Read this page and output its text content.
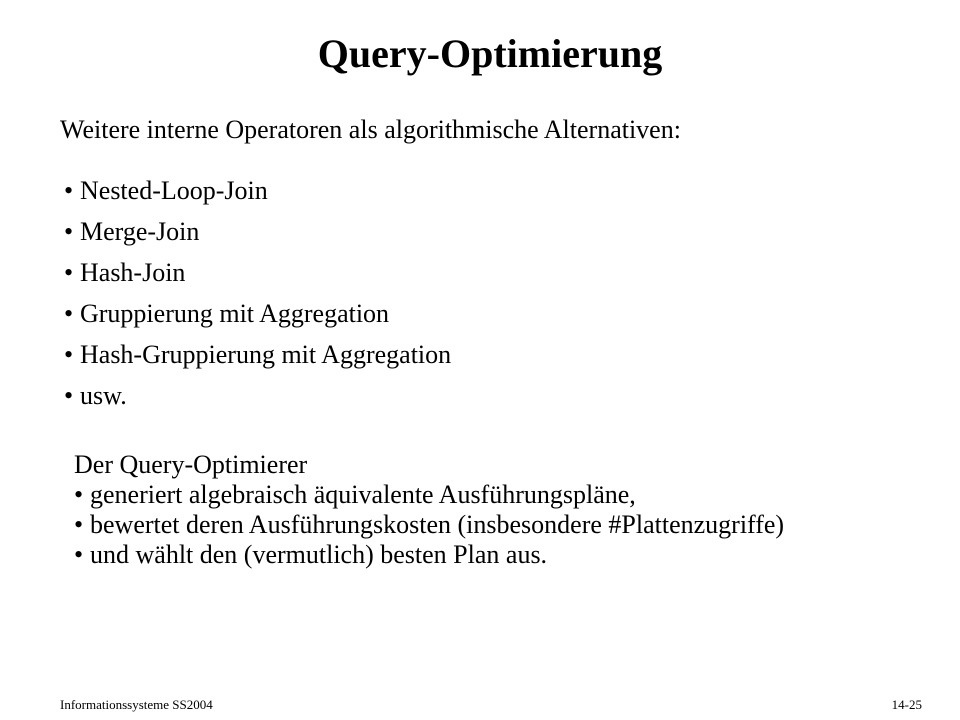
Query-Optimierung
Weitere interne Operatoren als algorithmische Alternativen:
• Nested-Loop-Join
• Merge-Join
• Hash-Join
• Gruppierung mit Aggregation
• Hash-Gruppierung mit Aggregation
• usw.
Der Query-Optimierer
• generiert algebraisch äquivalente Ausführungspläne,
• bewertet deren Ausführungskosten (insbesondere #Plattenzugriffe)
• und wählt den (vermutlich) besten Plan aus.
Informationssysteme SS2004	14-25
